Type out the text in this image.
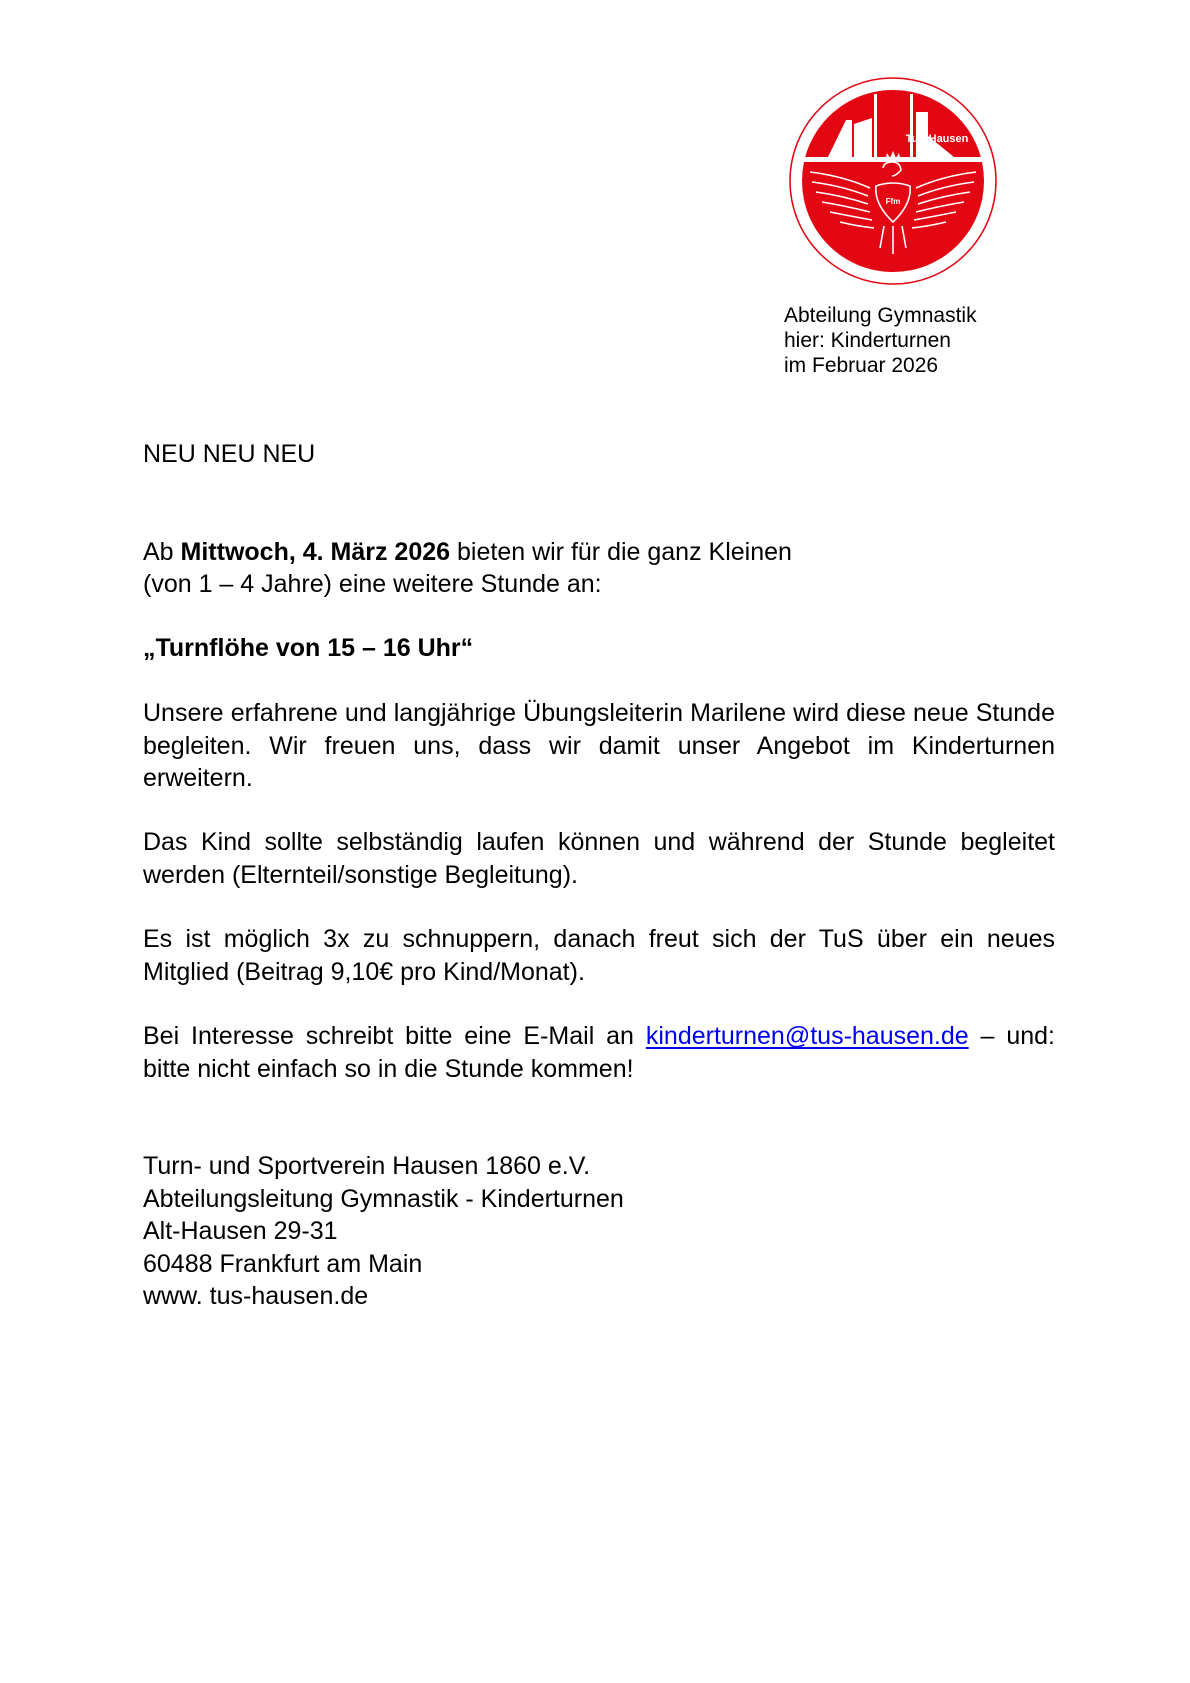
TuS Hausen
1860 e.V.
Ffm
Abteilung Gymnastik
hier: Kinderturnen
im Februar 2026
NEU NEU NEU
Ab Mittwoch, 4. März 2026 bieten wir für die ganz Kleinen
(von 1 – 4 Jahre) eine weitere Stunde an:
„Turnflöhe von 15 – 16 Uhr“
Unsere erfahrene und langjährige Übungsleiterin Marilene wird diese neue Stunde begleiten. Wir freuen uns, dass wir damit unser Angebot im Kinderturnen erweitern.
Das Kind sollte selbständig laufen können und während der Stunde begleitet werden (Elternteil/sonstige Begleitung).
Es ist möglich 3x zu schnuppern, danach freut sich der TuS über ein neues Mitglied (Beitrag 9,10€ pro Kind/Monat).
Bei Interesse schreibt bitte eine E-Mail an kinderturnen@tus-hausen.de – und: bitte nicht einfach so in die Stunde kommen!
Turn- und Sportverein Hausen 1860 e.V.
Abteilungsleitung Gymnastik - Kinderturnen
Alt-Hausen 29-31
60488 Frankfurt am Main
www. tus-hausen.de
